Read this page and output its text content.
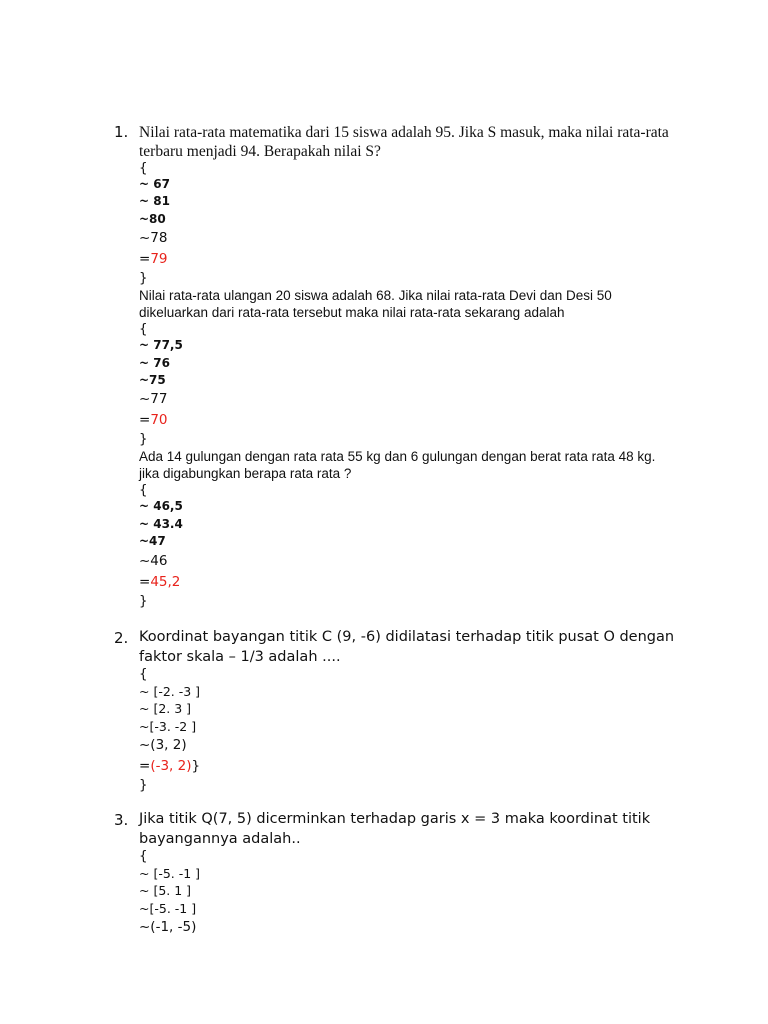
1. Nilai rata-rata matematika dari 15 siswa adalah 95. Jika S masuk, maka nilai rata-rata terbaru menjadi 94. Berapakah nilai S?
{
~ 67
~ 81
~80
~78
=79
}
Nilai rata-rata ulangan 20 siswa adalah 68. Jika nilai rata-rata Devi dan Desi 50 dikeluarkan dari rata-rata tersebut maka nilai rata-rata sekarang adalah
{
~ 77,5
~ 76
~75
~77
=70
}
Ada 14 gulungan dengan rata rata 55 kg dan 6 gulungan dengan berat rata rata 48 kg. jika digabungkan berapa rata rata ?
{
~ 46,5
~ 43.4
~47
~46
=45,2
}
2. Koordinat bayangan titik C (9, -6) didilatasi terhadap titik pusat O dengan faktor skala – 1/3 adalah ....
{
~ [-2. -3 ]
~ [2. 3 ]
~[-3. -2 ]
~(3, 2)
=(-3, 2)}
}
3. Jika titik Q(7, 5) dicerminkan terhadap garis x = 3 maka koordinat titik bayangannya adalah..
{
~ [-5. -1 ]
~ [5. 1 ]
~[-5. -1 ]
~(-1, -5)
